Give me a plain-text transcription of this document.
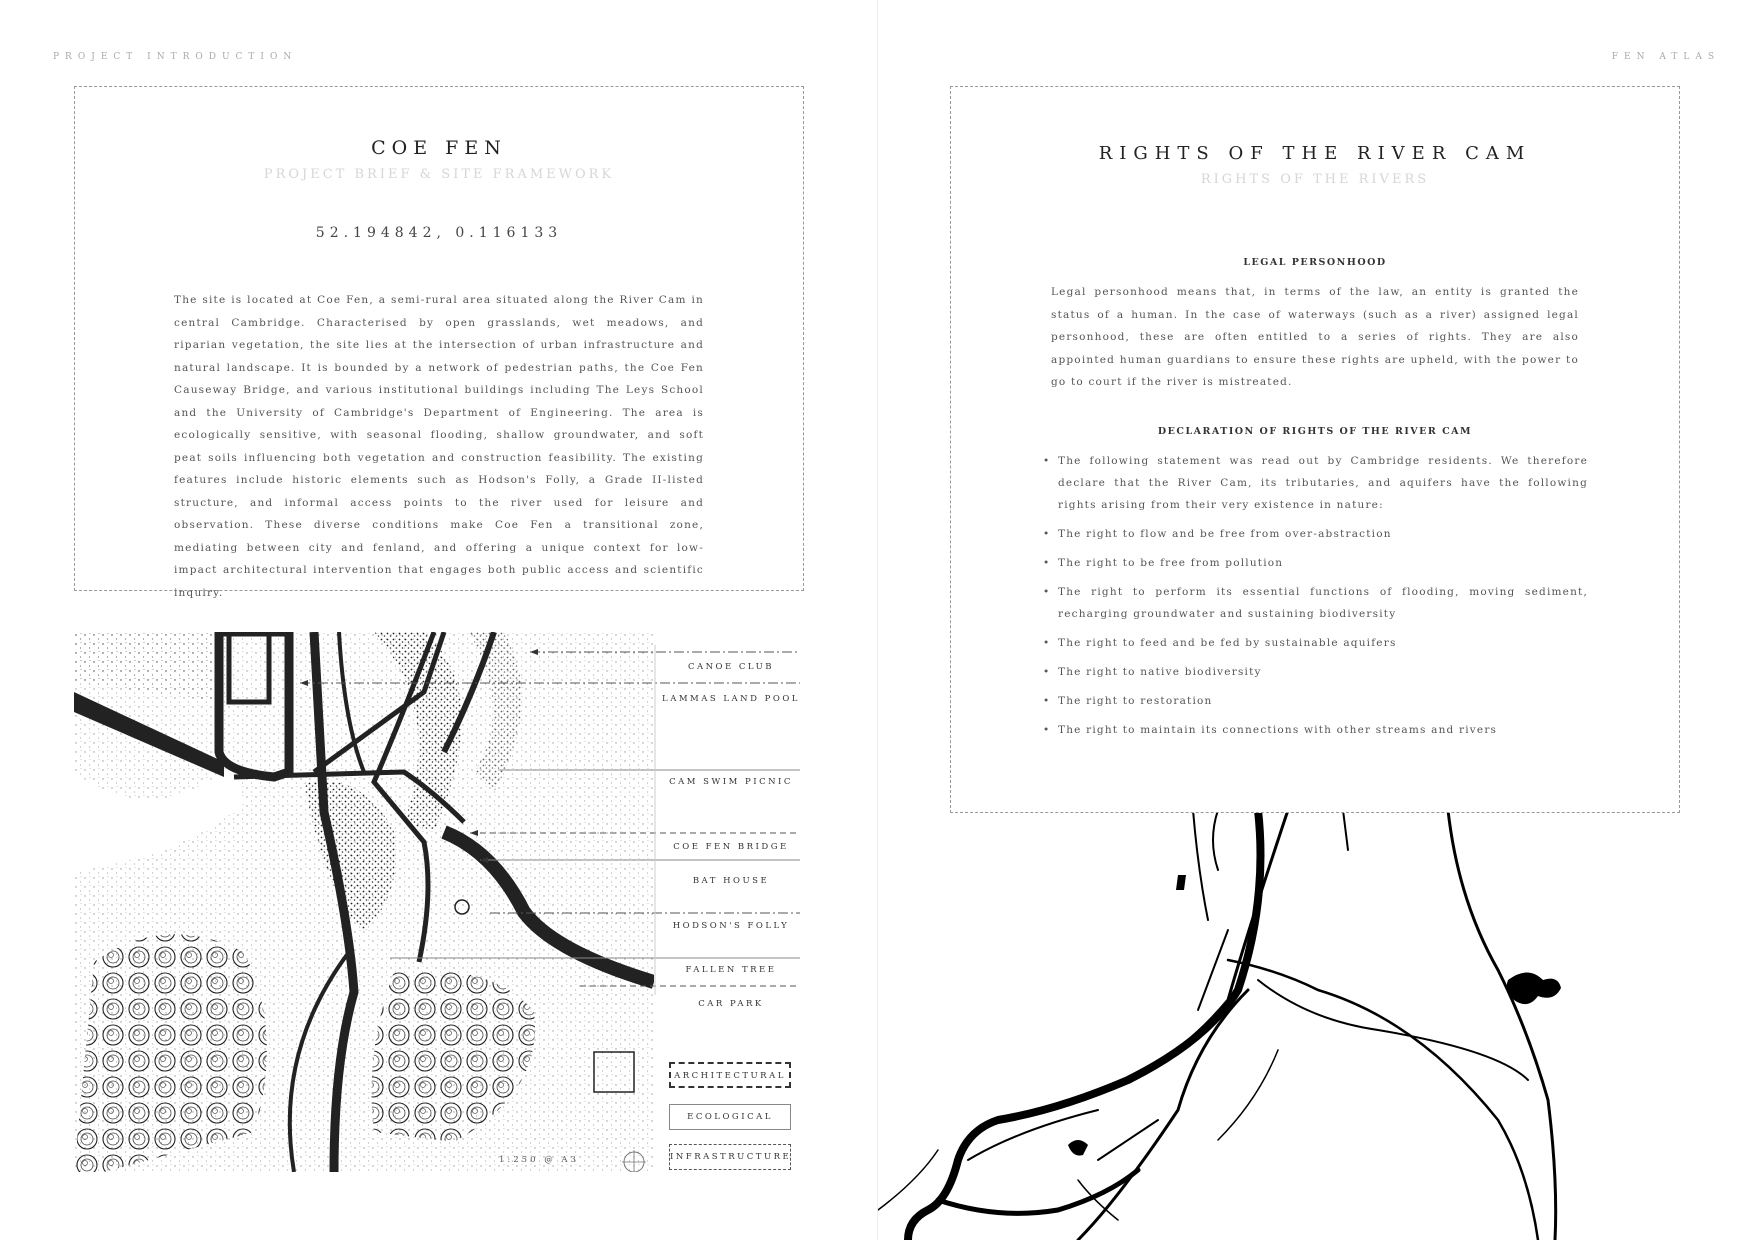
PROJECT INTRODUCTION
COE FEN
PROJECT BRIEF & SITE FRAMEWORK
52.194842, 0.116133
The site is located at Coe Fen, a semi-rural area situated along the River Cam in central Cambridge. Characterised by open grasslands, wet meadows, and riparian vegetation, the site lies at the intersection of urban infrastructure and natural landscape. It is bounded by a network of pedestrian paths, the Coe Fen Causeway Bridge, and various institutional buildings including The Leys School and the University of Cambridge's Department of Engineering. The area is ecologically sensitive, with seasonal flooding, shallow groundwater, and soft peat soils influencing both vegetation and construction feasibility. The existing features include historic elements such as Hodson's Folly, a Grade II-listed structure, and informal access points to the river used for leisure and observation. These diverse conditions make Coe Fen a transitional zone, mediating between city and fenland, and offering a unique context for low-impact architectural intervention that engages both public access and scientific inquiry.
1:250 @ A3
CANOE CLUB
LAMMAS LAND POOL
CAM SWIM PICNIC
COE FEN BRIDGE
BAT HOUSE
HODSON'S FOLLY
FALLEN TREE
CAR PARK
ARCHITECTURAL
ECOLOGICAL
INFRASTRUCTURE
FEN ATLAS
RIGHTS OF THE RIVER CAM
RIGHTS OF THE RIVERS
LEGAL PERSONHOOD
Legal personhood means that, in terms of the law, an entity is granted the status of a human. In the case of waterways (such as a river) assigned legal personhood, these are often entitled to a series of rights. They are also appointed human guardians to ensure these rights are upheld, with the power to go to court if the river is mistreated.
DECLARATION OF RIGHTS OF THE RIVER CAM
• The following statement was read out by Cambridge residents. We therefore declare that the River Cam, its tributaries, and aquifers have the following rights arising from their very existence in nature:
• The right to flow and be free from over-abstraction
• The right to be free from pollution
• The right to perform its essential functions of flooding, moving sediment, recharging groundwater and sustaining biodiversity
• The right to feed and be fed by sustainable aquifers
• The right to native biodiversity
• The right to restoration
• The right to maintain its connections with other streams and rivers
